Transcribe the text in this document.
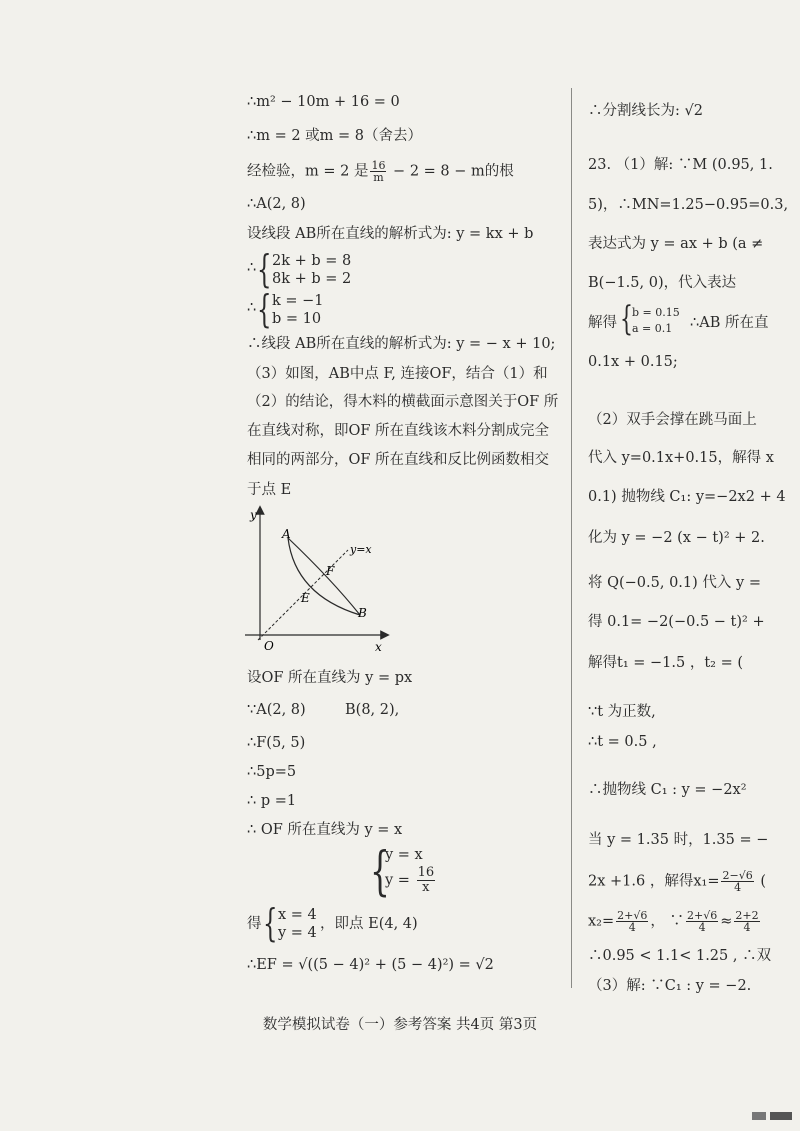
∴m² − 10m + 16 = 0
∴m = 2 或m = 8（舍去）
经检验，m = 2 是 $\frac{16}{m} - 2 = 8 - m$的根
∴A(2, 8)
设线段 AB所在直线的解析式为: y = kx + b
∴ { 2k + b = 8
8k + b = 2
∴ { k = −1
b = 10
∴线段 AB所在直线的解析式为: y = − x + 10;
（3）如图，AB中点 F, 连接OF，结合（1）和
（2）的结论，得木料的横截面示意图关于OF 所
在直线对称，即OF 所在直线该木料分割成完全
相同的两部分，OF 所在直线和反比例函数相交
于点 E
y
x
O
A
B
E
F
y=x
设OF 所在直线为 y = px
∵A(2, 8)	B(8, 2),
∴F(5, 5)
∴5p=5
∴ p =1
∴ OF 所在直线为 y = x
{
y = x
$y = \frac{16}{x}$
得 { x = 4
y = 4
，即点 E(4, 4)
∴EF = √((5 − 4)² + (5 − 4)²) = √2
∴分割线长为: √2
23. （1）解: ∵M (0.95, 1.
5)，∴MN=1.25−0.95=0.3,
表达式为 y = ax + b (a ≠
B(−1.5, 0)，代入表达
解得 { b = 0.15
a = 0.1 ∴AB 所在直
0.1x + 0.15;
（2）双手会撑在跳马面上
代入 y=0.1x+0.15，解得 x
0.1) 抛物线 C₁: y=−2x2 + 4
化为 y = −2 (x − t)² + 2.
将 Q(−0.5, 0.1) 代入 y =
得 0.1= −2(−0.5 − t)² +
解得t₁ = −1.5 ，t₂ = (
∵t 为正数,
∴t = 0.5 ,
∴抛物线 C₁ : y = −2x²
当 y = 1.35 时，1.35 = −
2x +1.6 ，解得$x_1= \frac{2-√6}{4}$ (
$x_2= \frac{2+√6}{4}$ ， ∵ $\frac{2+√6}{4} \approx \frac{2+2}{4}$
∴0.95 < 1.1< 1.25 , ∴双
（3）解: ∵C₁ : y = −2.
数学模拟试卷（一）参考答案 共4页 第3页
